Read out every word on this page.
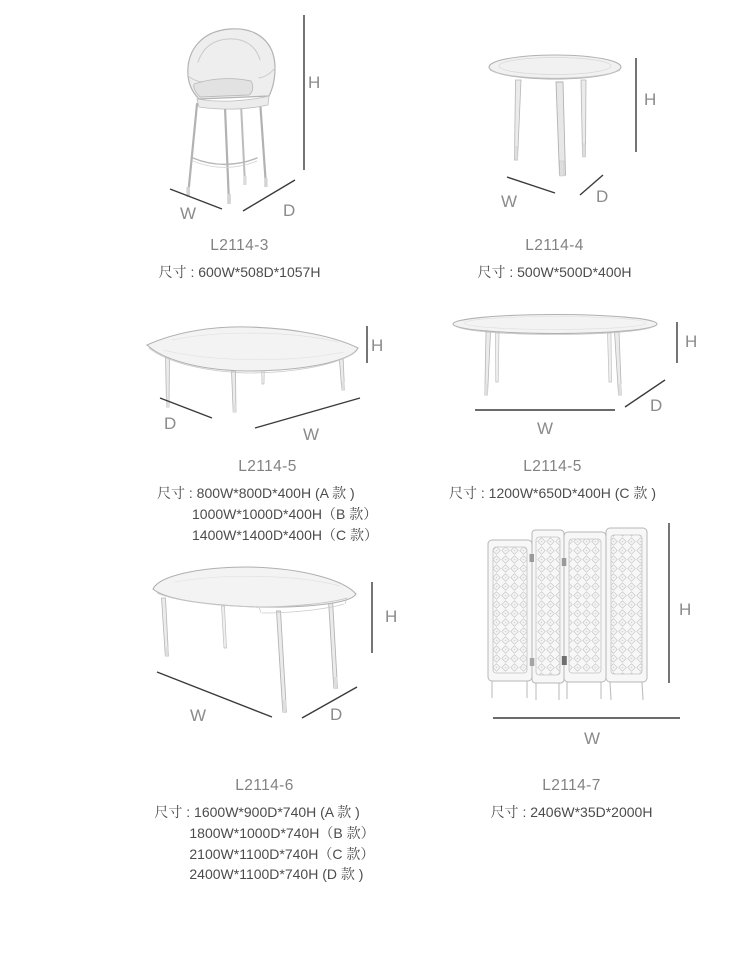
H
W	D
L2114-3
尺寸 : 600W*508D*1057H
H
W	D
L2114-4
尺寸 : 500W*500D*400H
H
D
W
L2114-5
尺寸 : 800W*800D*400H (A 款 )
1000W*1000D*400H（B 款）
1400W*1400D*400H（C 款）
H
W
D
L2114-5
尺寸 : 1200W*650D*400H (C 款 )
H
W	D
L2114-6
尺寸 : 1600W*900D*740H (A 款 )
1800W*1000D*740H（B 款）
2100W*1100D*740H（C 款）
2400W*1100D*740H (D 款 )
H
W
L2114-7
尺寸 : 2406W*35D*2000H
